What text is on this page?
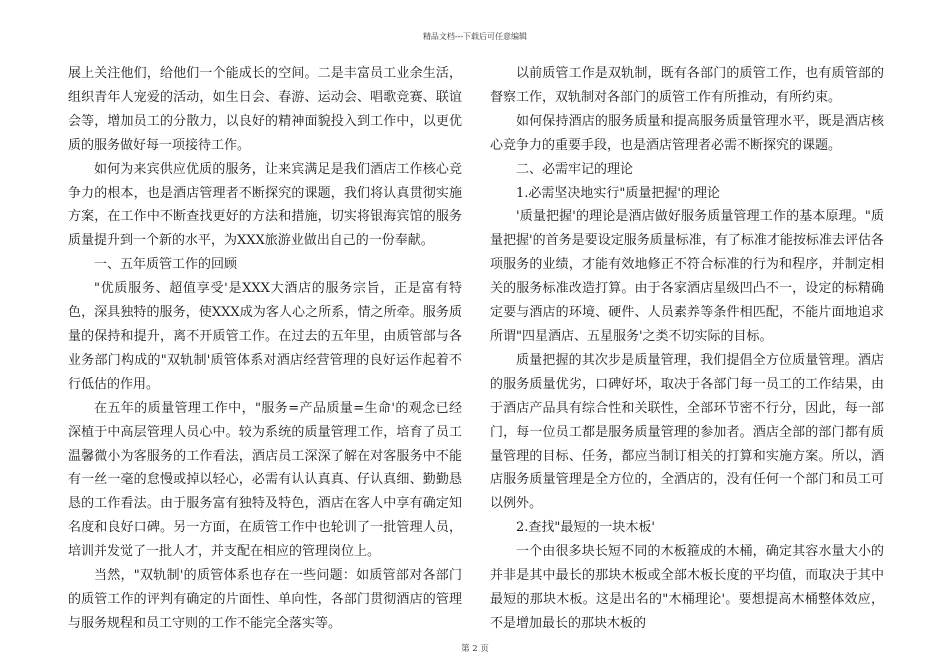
精品文档---下载后可任意编辑

展上关注他们，给他们一个能成长的空间。二是丰富员工业余生活，组织青年人宠爱的活动，如生日会、春游、运动会、唱歌竞赛、联谊会等，增加员工的分散力，以良好的精神面貌投入到工作中，以更优质的服务做好每一项接待工作。

如何为来宾供应优质的服务，让来宾满足是我们酒店工作核心竞争力的根本，也是酒店管理者不断探究的课题，我们将认真贯彻实施方案，在工作中不断查找更好的方法和措施，切实将银海宾馆的服务质量提升到一个新的水平，为XXX旅游业做出自己的一份奉献。

一、五年质管工作的回顾

"优质服务、超值享受'是XXX大酒店的服务宗旨，正是富有特色，深具独特的服务，使XXX成为客人心之所系，情之所牵。服务质量的保持和提升，离不开质管工作。在过去的五年里，由质管部与各业务部门构成的"双轨制'质管体系对酒店经营管理的良好运作起着不行低估的作用。

在五年的质量管理工作中，"服务=产品质量=生命'的观念已经深植于中高层管理人员心中。较为系统的质量管理工作，培育了员工温馨微小为客服务的工作看法，酒店员工深深了解在对客服务中不能有一丝一毫的怠慢或掉以轻心，必需有认认真真、仔认真细、勤勤恳恳的工作看法。由于服务富有独特及特色，酒店在客人中享有确定知名度和良好口碑。另一方面，在质管工作中也轮训了一批管理人员，培训并发觉了一批人才，并支配在相应的管理岗位上。

当然，"双轨制'的质管体系也存在一些问题：如质管部对各部门的质管工作的评判有确定的片面性、单向性，各部门贯彻酒店的管理与服务规程和员工守则的工作不能完全落实等。

以前质管工作是双轨制，既有各部门的质管工作，也有质管部的督察工作，双轨制对各部门的质管工作有所推动，有所约束。

如何保持酒店的服务质量和提高服务质量管理水平，既是酒店核心竞争力的重要手段，也是酒店管理者必需不断探究的课题。

二、必需牢记的理论

1.必需坚决地实行"质量把握'的理论

'质量把握'的理论是酒店做好服务质量管理工作的基本原理。"质量把握'的首务是要设定服务质量标准，有了标准才能按标准去评估各项服务的业绩，才能有效地修正不符合标准的行为和程序，并制定相关的服务标准改造打算。由于各家酒店星级凹凸不一，设定的标精确　　定要与酒店的环境、硬件、人员素养等条件相匹配，不能片面地追求所谓"四星酒店、五星服务'之类不切实际的目标。

质量把握的其次步是质量管理，我们提倡全方位质量管理。酒店的服务质量优劣，口碑好坏，取决于各部门每一员工的工作结果，由于酒店产品具有综合性和关联性，全部环节密不行分，因此，每一部门，每一位员工都是服务质量管理的参加者。酒店全部的部门都有质量管理的目标、任务，都应当制订相关的打算和实施方案。所以，酒店服务质量管理是全方位的，全酒店的，没有任何一个部门和员工可以例外。

2.查找"最短的一块木板'

一个由很多块长短不同的木板箍成的木桶，确定其容水量大小的并非是其中最长的那块木板或全部木板长度的平均值，而取决于其中最短的那块木板。这是出名的"木桶理论'。要想提高木桶整体效应，不是增加最长的那块木板的

第 2 页
